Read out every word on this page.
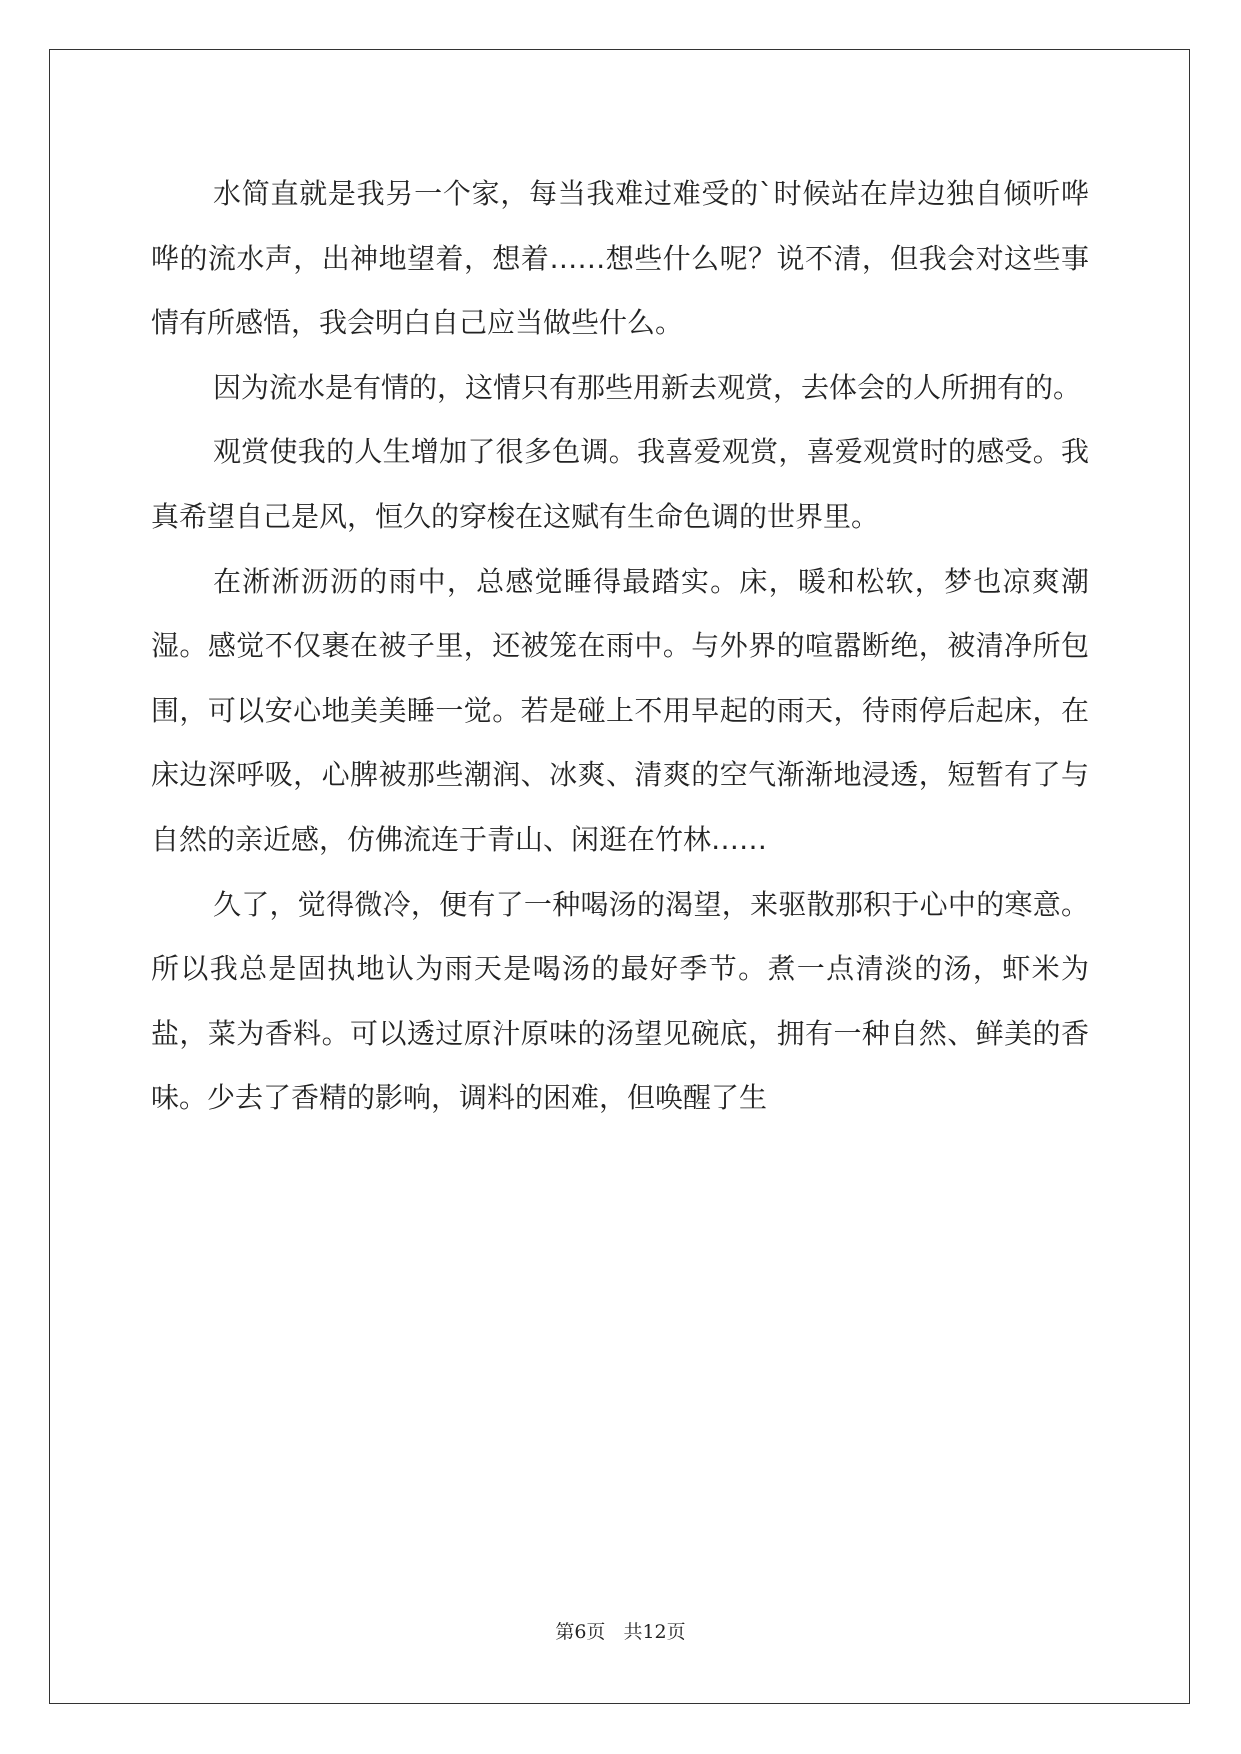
水简直就是我另一个家，每当我难过难受的`时候站在岸边独自倾听哗哗的流水声，出神地望着，想着……想些什么呢？说不清，但我会对这些事情有所感悟，我会明白自己应当做些什么。

因为流水是有情的，这情只有那些用新去观赏，去体会的人所拥有的。

观赏使我的人生增加了很多色调。我喜爱观赏，喜爱观赏时的感受。我真希望自己是风，恒久的穿梭在这赋有生命色调的世界里。

在淅淅沥沥的雨中，总感觉睡得最踏实。床，暖和松软，梦也凉爽潮湿。感觉不仅裹在被子里，还被笼在雨中。与外界的喧嚣断绝，被清净所包围，可以安心地美美睡一觉。若是碰上不用早起的雨天，待雨停后起床，在床边深呼吸，心脾被那些潮润、冰爽、清爽的空气渐渐地浸透，短暂有了与自然的亲近感，仿佛流连于青山、闲逛在竹林……

久了，觉得微冷，便有了一种喝汤的渴望，来驱散那积于心中的寒意。所以我总是固执地认为雨天是喝汤的最好季节。煮一点清淡的汤，虾米为盐，菜为香料。可以透过原汁原味的汤望见碗底，拥有一种自然、鲜美的香味。少去了香精的影响，调料的困难，但唤醒了生

第6页 共12页
